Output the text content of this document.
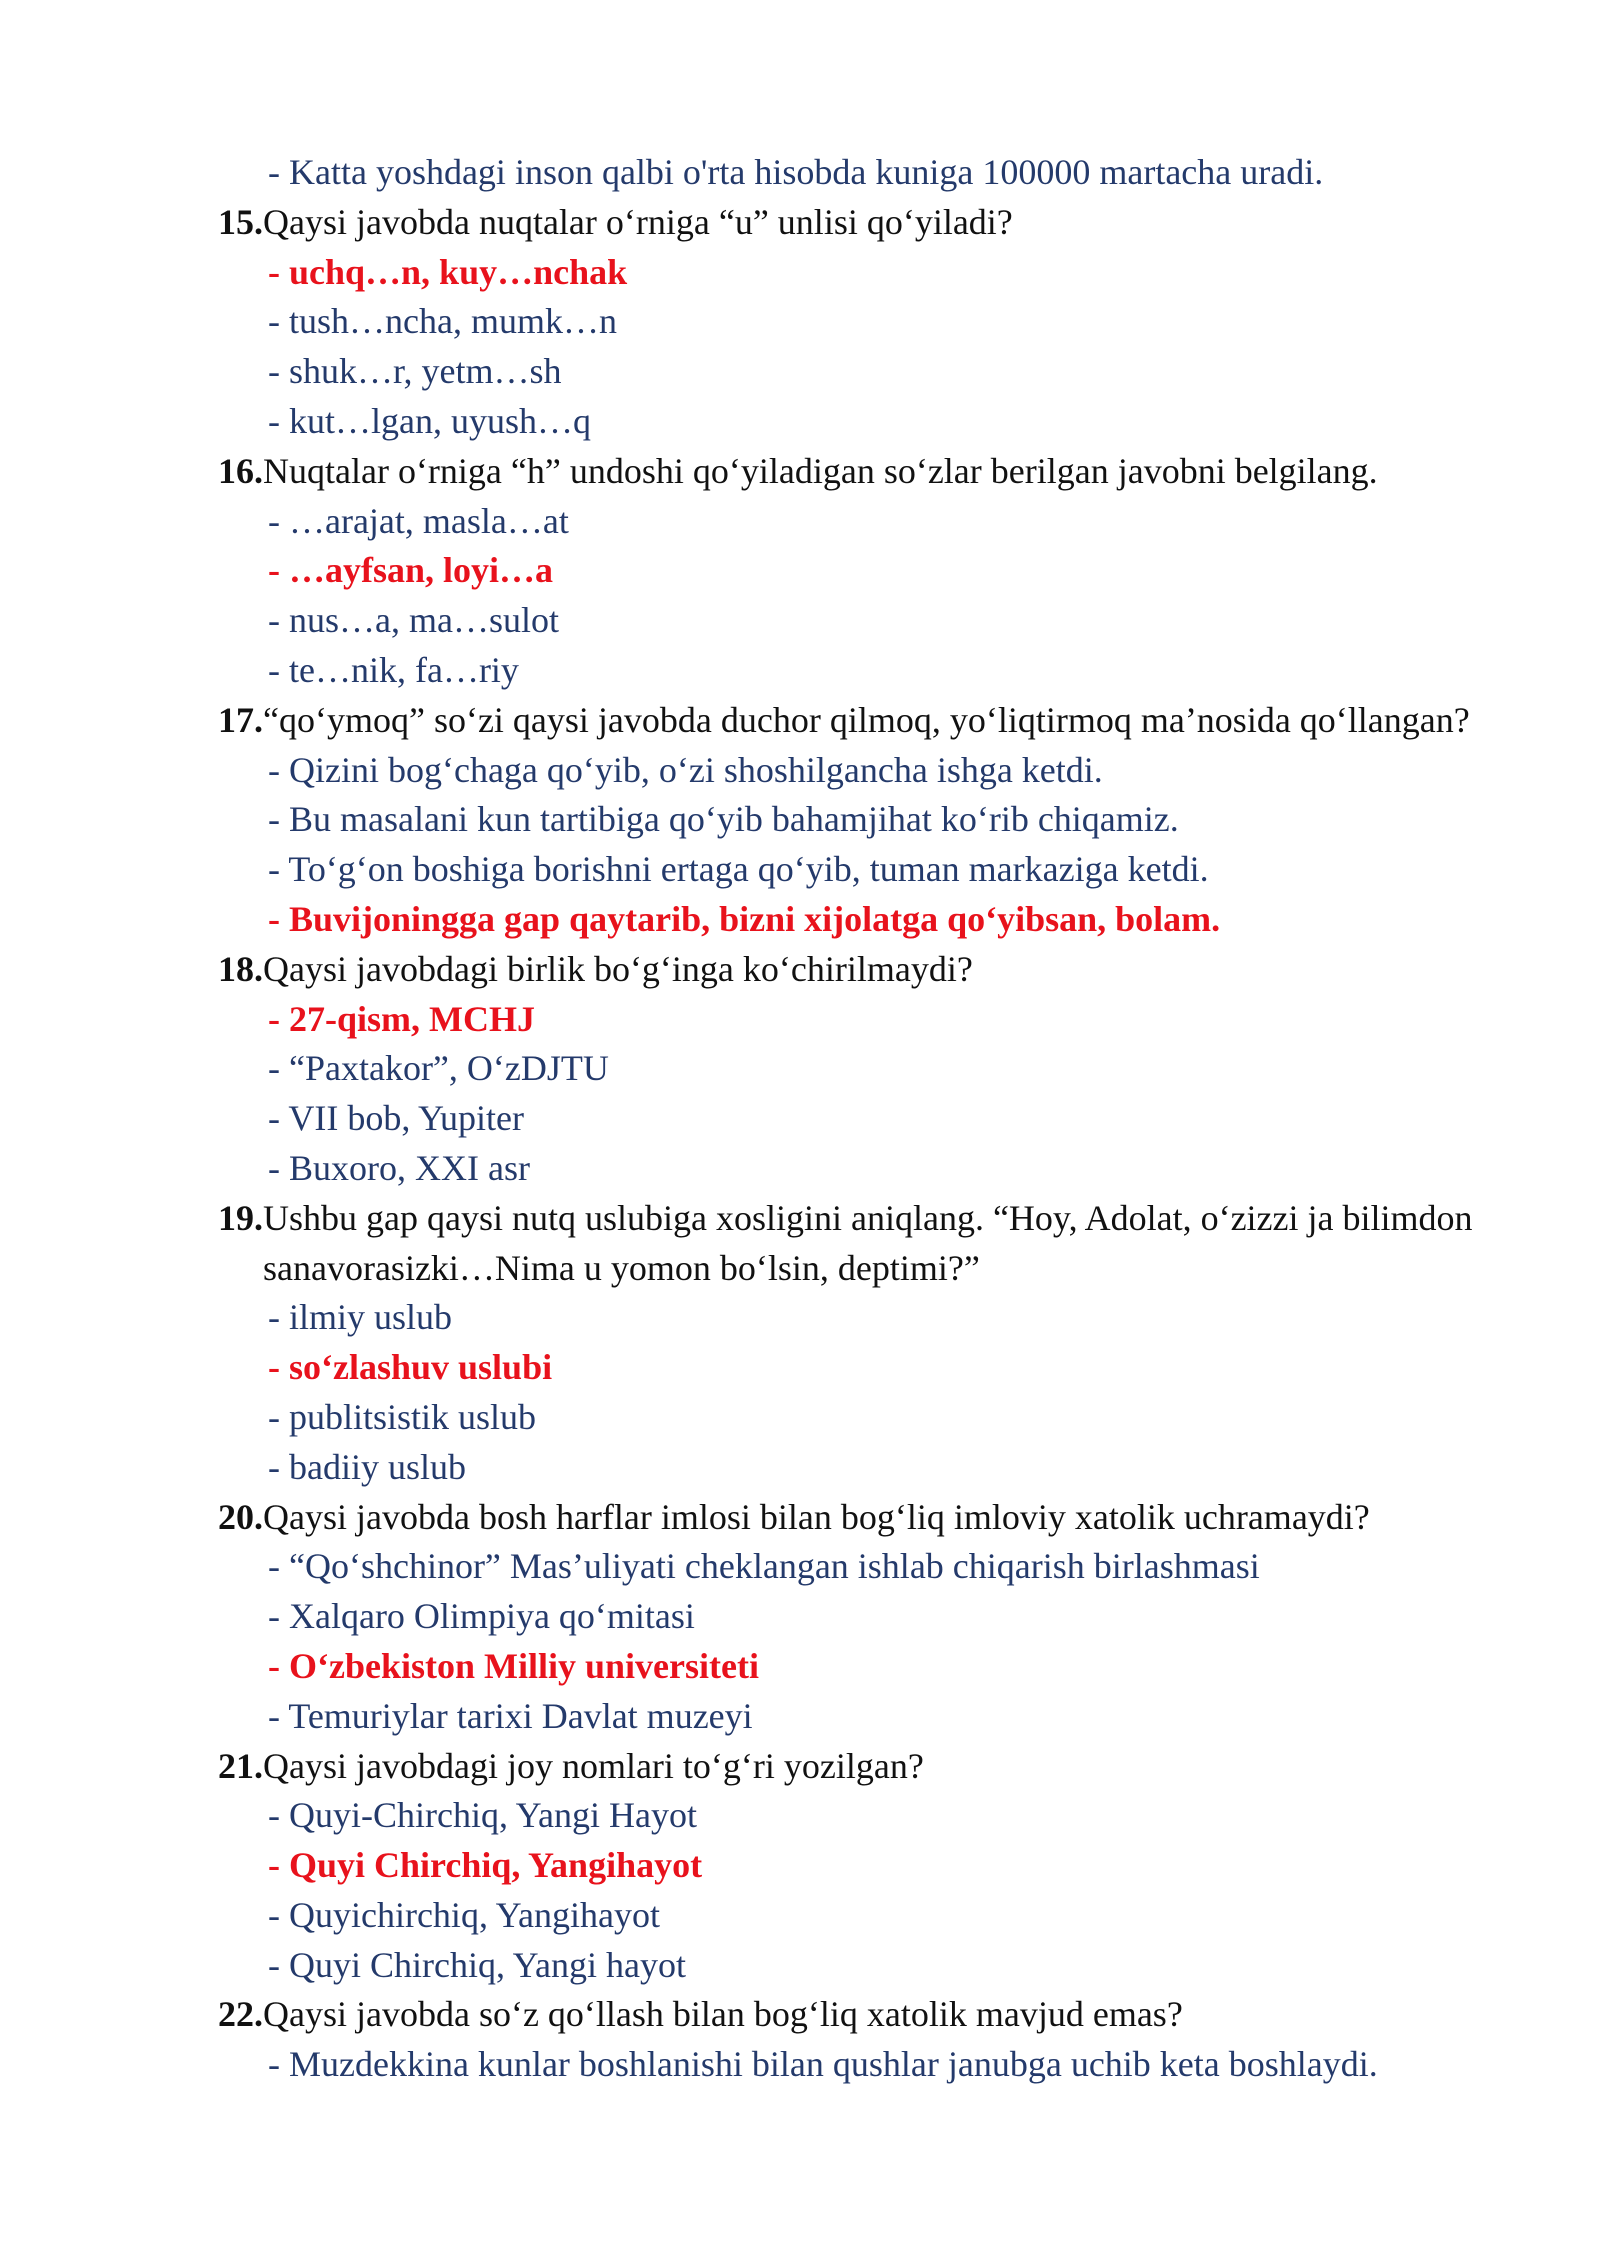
- Katta yoshdagi inson qalbi o'rta hisobda kuniga 100000 martacha uradi.

15. Qaysi javobda nuqtalar o‘rniga “u” unlisi qo‘yiladi?

- uchq…n, kuy…nchak

- tush…ncha, mumk…n

- shuk…r, yetm…sh

- kut…lgan, uyush…q

16. Nuqtalar o‘rniga “h” undoshi qo‘yiladigan so‘zlar berilgan javobni belgilang.

- …arajat, masla…at

- …ayfsan, loyi…a

- nus…a, ma…sulot

- te…nik, fa…riy

17. “qo‘ymoq” so‘zi qaysi javobda duchor qilmoq, yo‘liqtirmoq ma’nosida qo‘llangan?

- Qizini bog‘chaga qo‘yib, o‘zi shoshilgancha ishga ketdi.

- Bu masalani kun tartibiga qo‘yib bahamjihat ko‘rib chiqamiz.

- To‘g‘on boshiga borishni ertaga qo‘yib, tuman markaziga ketdi.

- Buvijoningga gap qaytarib, bizni xijolatga qo‘yibsan, bolam.

18. Qaysi javobdagi birlik bo‘g‘inga ko‘chirilmaydi?

- 27-qism, MCHJ

- “Paxtakor”, O‘zDJTU

- VII bob, Yupiter

- Buxoro, XXI asr

19. Ushbu gap qaysi nutq uslubiga xosligini aniqlang. “Hoy, Adolat, o‘zizzi ja bilimdon sanavorasizki…Nima u yomon bo‘lsin, deptimi?”

- ilmiy uslub

- so‘zlashuv uslubi

- publitsistik uslub

- badiiy uslub

20. Qaysi javobda bosh harflar imlosi bilan bog‘liq imloviy xatolik uchramaydi?

- “Qo‘shchinor” Mas’uliyati cheklangan ishlab chiqarish birlashmasi

- Xalqaro Olimpiya qo‘mitasi

- O‘zbekiston Milliy universiteti

- Temuriylar tarixi Davlat muzeyi

21. Qaysi javobdagi joy nomlari to‘g‘ri yozilgan?

- Quyi-Chirchiq, Yangi Hayot

- Quyi Chirchiq, Yangihayot

- Quyichirchiq, Yangihayot

- Quyi Chirchiq, Yangi hayot

22. Qaysi javobda so‘z qo‘llash bilan bog‘liq xatolik mavjud emas?

- Muzdekkina kunlar boshlanishi bilan qushlar janubga uchib keta boshlaydi.
